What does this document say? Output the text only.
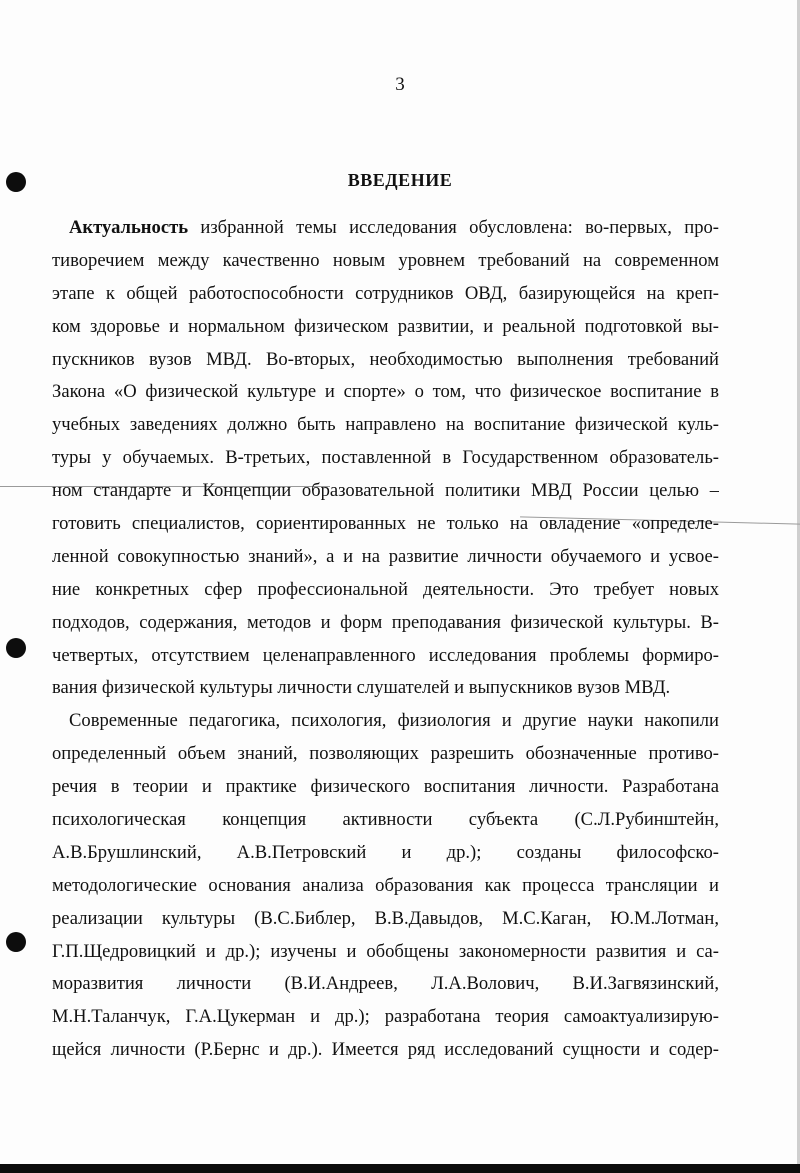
3
ВВЕДЕНИЕ
Актуальность избранной темы исследования обусловлена: во-первых, про-
тиворечием между качественно новым уровнем требований на современном
этапе к общей работоспособности сотрудников ОВД, базирующейся на креп-
ком здоровье и нормальном физическом развитии, и реальной подготовкой вы-
пускников вузов МВД. Во-вторых, необходимостью выполнения требований
Закона «О физической культуре и спорте» о том, что физическое воспитание в
учебных заведениях должно быть направлено на воспитание физической куль-
туры у обучаемых. В-третьих, поставленной в Государственном образователь-
ном стандарте и Концепции образовательной политики МВД России целью –
готовить специалистов, сориентированных не только на овладение «определе-
ленной совокупностью знаний», а и на развитие личности обучаемого и усвое-
ние конкретных сфер профессиональной деятельности. Это требует новых
подходов, содержания, методов и форм преподавания физической культуры. В-
четвертых, отсутствием целенаправленного исследования проблемы формиро-
вания физической культуры личности слушателей и выпускников вузов МВД.
Современные педагогика, психология, физиология и другие науки накопили
определенный объем знаний, позволяющих разрешить обозначенные противо-
речия в теории и практике физического воспитания личности. Разработана
психологическая концепция активности субъекта (С.Л.Рубинштейн,
А.В.Брушлинский, А.В.Петровский и др.); созданы философско-
методологические основания анализа образования как процесса трансляции и
реализации культуры (В.С.Библер, В.В.Давыдов, М.С.Каган, Ю.М.Лотман,
Г.П.Щедровицкий и др.); изучены и обобщены закономерности развития и са-
моразвития личности (В.И.Андреев, Л.А.Волович, В.И.Загвязинский,
М.Н.Таланчук, Г.А.Цукерман и др.); разработана теория самоактуализирую-
щейся личности (Р.Бернс и др.). Имеется ряд исследований сущности и содер-
